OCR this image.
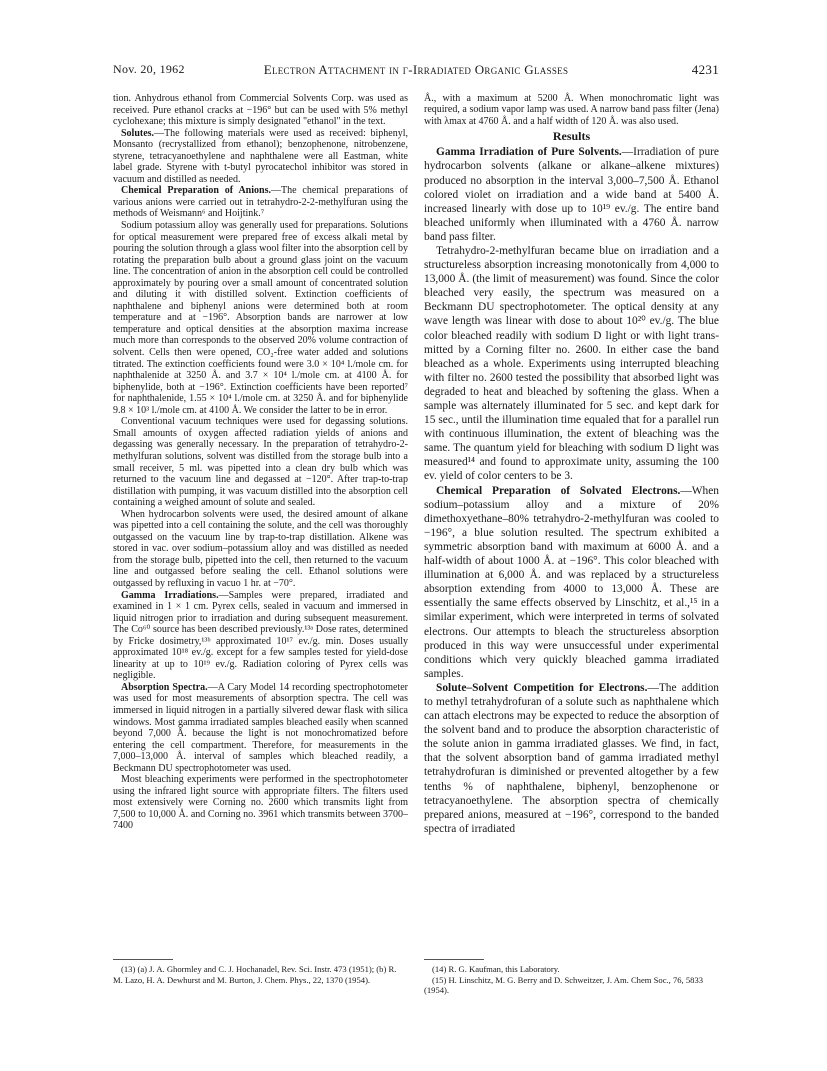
Nov. 20, 1962	Electron Attachment in γ-Irradiated Organic Glasses	4231

tion. Anhydrous ethanol from Commercial Solvents Corp. was used as received. Pure ethanol cracks at −196° but can be used with 5% methyl cyclohexane; this mixture is simply designated "ethanol" in the text.

Solutes.—The following materials were used as received: biphenyl, Monsanto (recrystallized from ethanol); benzophenone, nitrobenzene, styrene, tetracyanoethylene and naphthalene were all Eastman, white label grade. Styrene with t-butyl pyrocatechol inhibitor was stored in vacuum and distilled as needed.

Chemical Preparation of Anions.—The chemical preparations of various anions were carried out in tetrahydro-2-2-methylfuran using the methods of Weismann⁶ and Hoijtink.⁷

Sodium potassium alloy was generally used for preparations. Solutions for optical measurement were prepared free of excess alkali metal by pouring the solution through a glass wool filter into the absorption cell by rotating the preparation bulb about a ground glass joint on the vacuum line. The concentration of anion in the absorption cell could be controlled approximately by pouring over a small amount of concentrated solution and diluting it with distilled solvent. Extinction coefficients of naphthalene and biphenyl anions were determined both at room temperature and at −196°. Absorption bands are narrower at low temperature and optical densities at the absorption maxima increase much more than corresponds to the observed 20% volume contraction of solvent. Cells then were opened, CO₂-free water added and solutions titrated. The extinction coefficients found were 3.0 × 10⁴ l./mole cm. for naphthalenide at 3250 Å. and 3.7 × 10⁴ l./mole cm. at 4100 Å. for biphenylide, both at −196°. Extinction coefficients have been reported⁷ for naphthalenide, 1.55 × 10⁴ l./mole cm. at 3250 Å. and for biphenylide 9.8 × 10³ l./mole cm. at 4100 Å. We consider the latter to be in error.

Conventional vacuum techniques were used for degassing solutions. Small amounts of oxygen affected radiation yields of anions and degassing was generally necessary. In the preparation of tetrahydro-2-methylfuran solutions, solvent was distilled from the storage bulb into a small receiver, 5 ml. was pipetted into a clean dry bulb which was returned to the vacuum line and degassed at −120°. After trap-to-trap distillation with pumping, it was vacuum distilled into the absorption cell containing a weighed amount of solute and sealed.

When hydrocarbon solvents were used, the desired amount of alkane was pipetted into a cell containing the solute, and the cell was thoroughly outgassed on the vacuum line by trap-to-trap distillation. Alkene was stored in vac. over sodium–potassium alloy and was distilled as needed from the storage bulb, pipetted into the cell, then returned to the vacuum line and outgassed before sealing the cell. Ethanol solutions were outgassed by refluxing in vacuo 1 hr. at −70°.

Gamma Irradiations.—Samples were prepared, irradiated and examined in 1 × 1 cm. Pyrex cells, sealed in vacuum and immersed in liquid nitrogen prior to irradiation and during subsequent measurement. The Co⁶⁰ source has been described previously.¹³ᵃ Dose rates, determined by Fricke dosimetry,¹³ᵇ approximated 10¹⁷ ev./g. min. Doses usually approximated 10¹⁸ ev./g. except for a few samples tested for yield-dose linearity at up to 10¹⁹ ev./g. Radiation coloring of Pyrex cells was negligible.

Absorption Spectra.—A Cary Model 14 recording spectrophotometer was used for most measurements of absorption spectra. The cell was immersed in liquid nitrogen in a partially silvered dewar flask with silica windows. Most gamma irradiated samples bleached easily when scanned beyond 7,000 Å. because the light is not monochromatized before entering the cell compartment. Therefore, for measurements in the 7,000–13,000 Å. interval of samples which bleached readily, a Beckmann DU spectrophotometer was used.

Most bleaching experiments were performed in the spectrophotometer using the infrared light source with appropriate filters. The filters used most extensively were Corning no. 2600 which transmits light from 7,500 to 10,000 Å. and Corning no. 3961 which transmits between 3700–7400

Å., with a maximum at 5200 Å. When monochromatic light was required, a sodium vapor lamp was used. A narrow band pass filter (Jena) with λmax at 4760 Å. and a half width of 120 Å. was also used.

Results

Gamma Irradiation of Pure Solvents.—Irradiation of pure hydrocarbon solvents (alkane or alkane–alkene mixtures) produced no absorption in the interval 3,000–7,500 Å. Ethanol colored violet on irradiation and a wide band at 5400 Å. increased linearly with dose up to 10¹⁹ ev./g. The entire band bleached uniformly when illuminated with a 4760 Å. narrow band pass filter.

Tetrahydro-2-methylfuran became blue on irradiation and a structureless absorption increasing monotonically from 4,000 to 13,000 Å. (the limit of measurement) was found. Since the color bleached very easily, the spectrum was measured on a Beckmann DU spectrophotometer. The optical density at any wave length was linear with dose to about 10²⁰ ev./g. The blue color bleached readily with sodium D light or with light transmitted by a Corning filter no. 2600. In either case the band bleached as a whole. Experiments using interrupted bleaching with filter no. 2600 tested the possibility that absorbed light was degraded to heat and bleached by softening the glass. When a sample was alternately illuminated for 5 sec. and kept dark for 15 sec., until the illumination time equaled that for a parallel run with continuous illumination, the extent of bleaching was the same. The quantum yield for bleaching with sodium D light was measured¹⁴ and found to approximate unity, assuming the 100 ev. yield of color centers to be 3.

Chemical Preparation of Solvated Electrons.—When sodium–potassium alloy and a mixture of 20% dimethoxyethane–80% tetrahydro-2-methylfuran was cooled to −196°, a blue solution resulted. The spectrum exhibited a symmetric absorption band with maximum at 6000 Å. and a half-width of about 1000 Å. at −196°. This color bleached with illumination at 6,000 Å. and was replaced by a structureless absorption extending from 4000 to 13,000 Å. These are essentially the same effects observed by Linschitz, et al.,¹⁵ in a similar experiment, which were interpreted in terms of solvated electrons. Our attempts to bleach the structureless absorption produced in this way were unsuccessful under experimental conditions which very quickly bleached gamma irradiated samples.

Solute–Solvent Competition for Electrons.—The addition to methyl tetrahydrofuran of a solute such as naphthalene which can attach electrons may be expected to reduce the absorption of the solvent band and to produce the absorption characteristic of the solute anion in gamma irradiated glasses. We find, in fact, that the solvent absorption band of gamma irradiated methyl tetrahydrofuran is diminished or prevented altogether by a few tenths % of naphthalene, biphenyl, benzophenone or tetracyanoethylene. The absorption spectra of chemically prepared anions, measured at −196°, correspond to the banded spectra of irradiated

(13) (a) J. A. Ghormley and C. J. Hochanadel, Rev. Sci. Instr. 473 (1951); (b) R. M. Lazo, H. A. Dewhurst and M. Burton, J. Chem. Phys., 22, 1370 (1954).

(14) R. G. Kaufman, this Laboratory.

(15) H. Linschitz, M. G. Berry and D. Schweitzer, J. Am. Chem Soc., 76, 5833 (1954).
